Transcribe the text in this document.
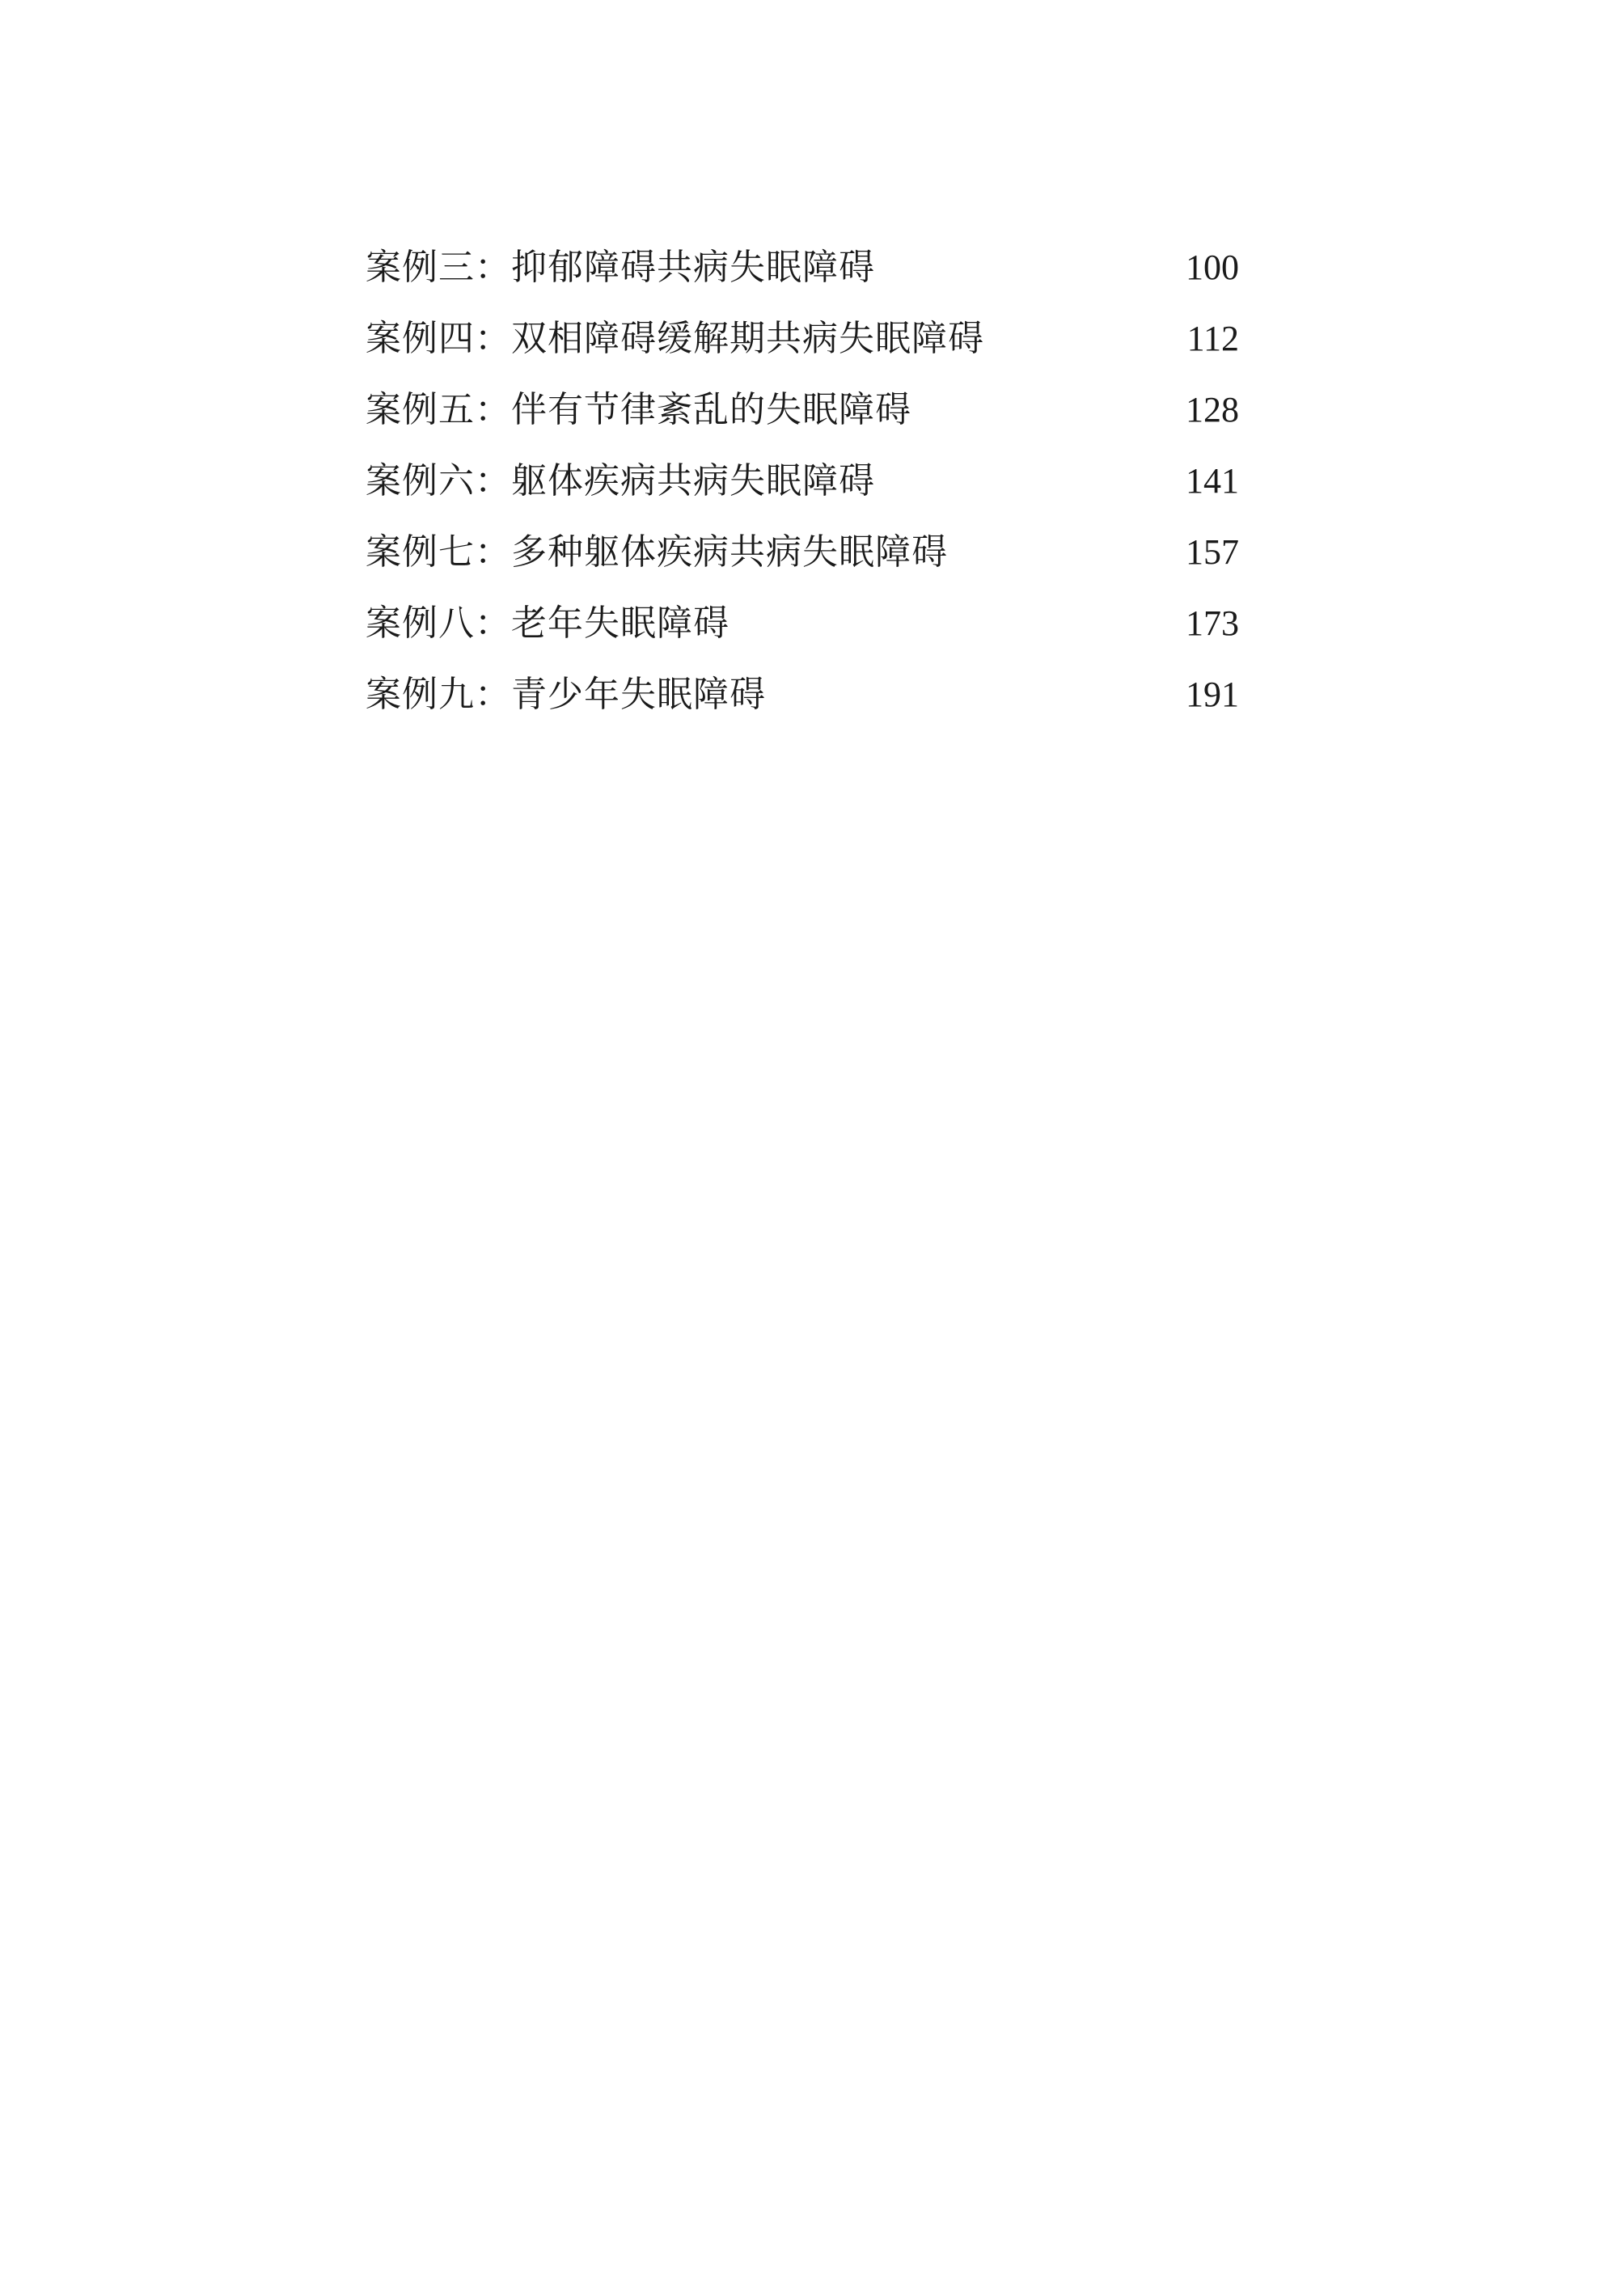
案例三：抑郁障碍共病失眠障碍	100
案例四：双相障碍缓解期共病失眠障碍	112
案例五：伴有节律紊乱的失眠障碍	128
案例六：躯体疾病共病失眠障碍	141
案例七：多种躯体疾病共病失眠障碍	157
案例八：老年失眠障碍	173
案例九：青少年失眠障碍	191
